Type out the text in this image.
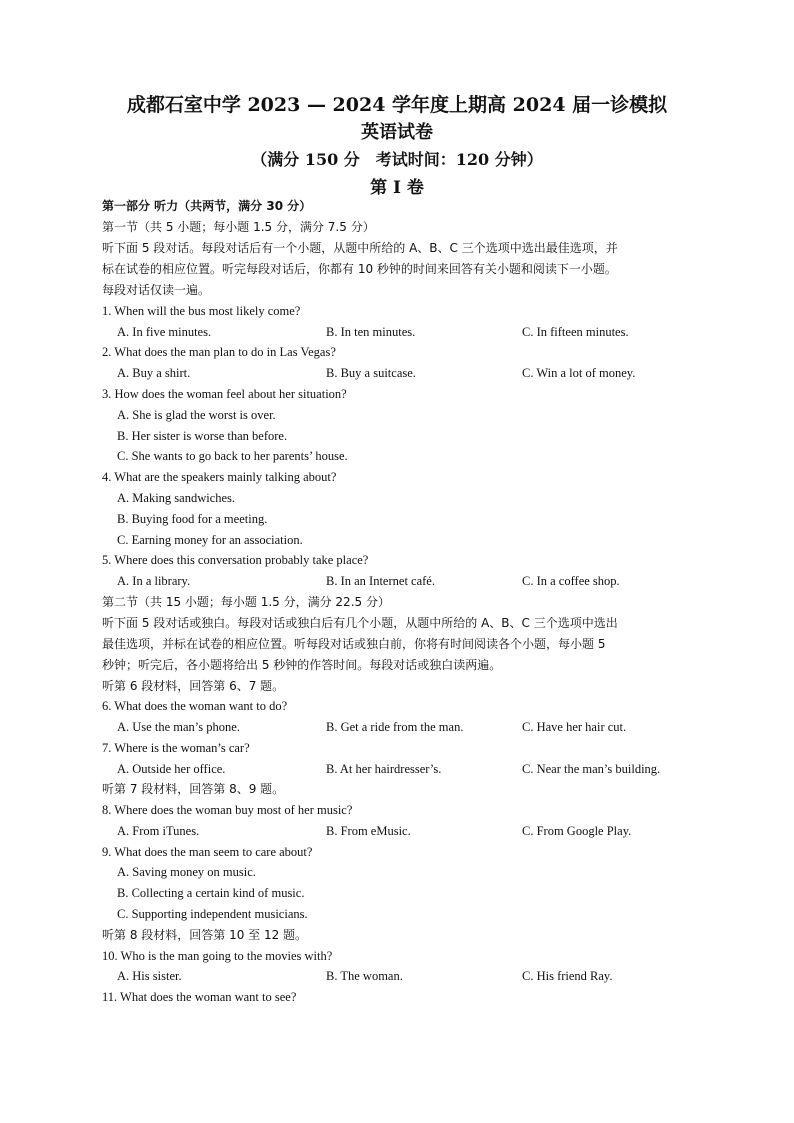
成都石室中学 2023 — 2024 学年度上期高 2024 届一诊模拟
英语试卷
（满分 150 分　考试时间：120 分钟）
第 I 卷
第一部分 听力（共两节，满分 30 分）
第一节（共 5 小题；每小题 1.5 分，满分 7.5 分）
听下面 5 段对话。每段对话后有一个小题，从题中所给的 A、B、C 三个选项中选出最佳选项，并
标在试卷的相应位置。听完每段对话后，你都有 10 秒钟的时间来回答有关小题和阅读下一小题。
每段对话仅读一遍。
1. When will the bus most likely come?
A. In five minutes.	B. In ten minutes.	C. In fifteen minutes.
2. What does the man plan to do in Las Vegas?
A. Buy a shirt.	B. Buy a suitcase.	C. Win a lot of money.
3. How does the woman feel about her situation?
A. She is glad the worst is over.
B. Her sister is worse than before.
C. She wants to go back to her parents’ house.
4. What are the speakers mainly talking about?
A. Making sandwiches.
B. Buying food for a meeting.
C. Earning money for an association.
5. Where does this conversation probably take place?
A. In a library.	B. In an Internet café.	C. In a coffee shop.
第二节（共 15 小题；每小题 1.5 分，满分 22.5 分）
听下面 5 段对话或独白。每段对话或独白后有几个小题，从题中所给的 A、B、C 三个选项中选出
最佳选项，并标在试卷的相应位置。听每段对话或独白前，你将有时间阅读各个小题，每小题 5
秒钟；听完后，各小题将给出 5 秒钟的作答时间。每段对话或独白读两遍。
听第 6 段材料，回答第 6、7 题。
6. What does the woman want to do?
A. Use the man’s phone.	B. Get a ride from the man.	C. Have her hair cut.
7. Where is the woman’s car?
A. Outside her office.	B. At her hairdresser’s.	C. Near the man’s building.
听第 7 段材料，回答第 8、9 题。
8. Where does the woman buy most of her music?
A. From iTunes.	B. From eMusic.	C. From Google Play.
9. What does the man seem to care about?
A. Saving money on music.
B. Collecting a certain kind of music.
C. Supporting independent musicians.
听第 8 段材料，回答第 10 至 12 题。
10. Who is the man going to the movies with?
A. His sister.	B. The woman.	C. His friend Ray.
11. What does the woman want to see?
